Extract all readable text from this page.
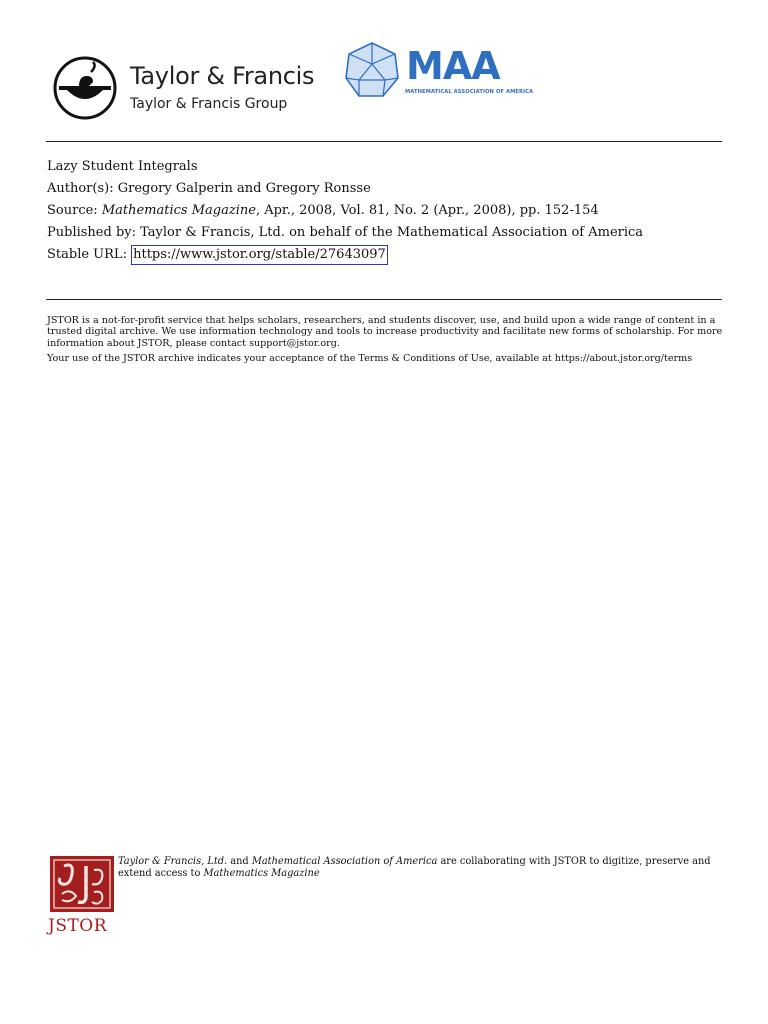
Taylor & Francis
Taylor & Francis Group
MAA
MATHEMATICAL ASSOCIATION OF AMERICA
Lazy Student Integrals
Author(s): Gregory Galperin and Gregory Ronsse
Source: Mathematics Magazine, Apr., 2008, Vol. 81, No. 2 (Apr., 2008), pp. 152-154
Published by: Taylor & Francis, Ltd. on behalf of the Mathematical Association of America
Stable URL: https://www.jstor.org/stable/27643097

JSTOR is a not-for-profit service that helps scholars, researchers, and students discover, use, and build upon a wide range of content in a trusted digital archive. We use information technology and tools to increase productivity and facilitate new forms of scholarship. For more information about JSTOR, please contact support@jstor.org.

Your use of the JSTOR archive indicates your acceptance of the Terms & Conditions of Use, available at https://about.jstor.org/terms

JSTOR
Taylor & Francis, Ltd. and Mathematical Association of America are collaborating with JSTOR to digitize, preserve and extend access to Mathematics Magazine
